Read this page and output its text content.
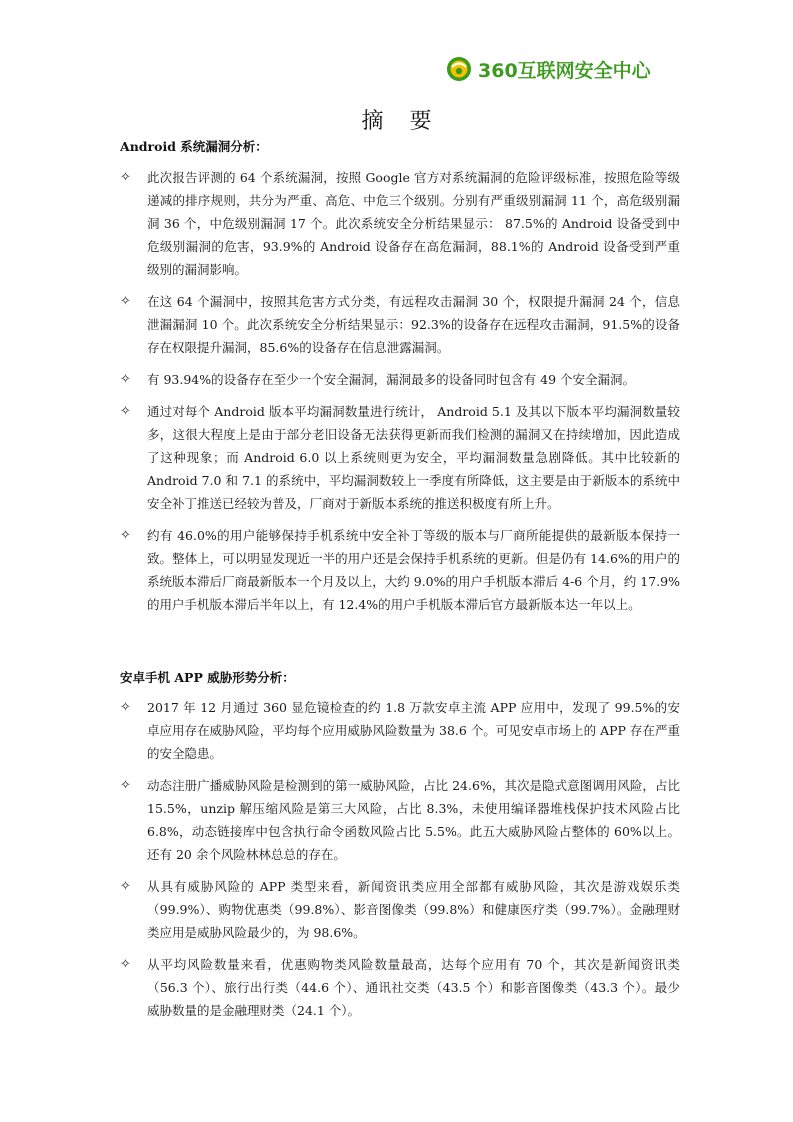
360互联网安全中心
摘要
Android 系统漏洞分析：
✧ 此次报告评测的 64 个系统漏洞，按照 Google 官方对系统漏洞的危险评级标准，按照危险等级递减的排序规则，共分为严重、高危、中危三个级别。分别有严重级别漏洞 11 个，高危级别漏洞 36 个，中危级别漏洞 17 个。此次系统安全分析结果显示： 87.5%的 Android 设备受到中危级别漏洞的危害，93.9%的 Android 设备存在高危漏洞，88.1%的 Android 设备受到严重级别的漏洞影响。
✧ 在这 64 个漏洞中，按照其危害方式分类，有远程攻击漏洞 30 个，权限提升漏洞 24 个，信息泄漏漏洞 10 个。此次系统安全分析结果显示：92.3%的设备存在远程攻击漏洞，91.5%的设备存在权限提升漏洞，85.6%的设备存在信息泄露漏洞。
✧ 有 93.94%的设备存在至少一个安全漏洞，漏洞最多的设备同时包含有 49 个安全漏洞。
✧ 通过对每个 Android 版本平均漏洞数量进行统计， Android 5.1 及其以下版本平均漏洞数量较多，这很大程度上是由于部分老旧设备无法获得更新而我们检测的漏洞又在持续增加，因此造成了这种现象；而 Android 6.0 以上系统则更为安全，平均漏洞数量急剧降低。其中比较新的 Android 7.0 和 7.1 的系统中，平均漏洞数较上一季度有所降低，这主要是由于新版本的系统中安全补丁推送已经较为普及，厂商对于新版本系统的推送积极度有所上升。
✧ 约有 46.0%的用户能够保持手机系统中安全补丁等级的版本与厂商所能提供的最新版本保持一致。整体上，可以明显发现近一半的用户还是会保持手机系统的更新。但是仍有 14.6%的用户的系统版本滞后厂商最新版本一个月及以上，大约 9.0%的用户手机版本滞后 4-6 个月，约 17.9%的用户手机版本滞后半年以上，有 12.4%的用户手机版本滞后官方最新版本达一年以上。
安卓手机 APP 威胁形势分析：
✧ 2017 年 12 月通过 360 显危镜检查的约 1.8 万款安卓主流 APP 应用中，发现了 99.5%的安卓应用存在威胁风险，平均每个应用威胁风险数量为 38.6 个。可见安卓市场上的 APP 存在严重的安全隐患。
✧ 动态注册广播威胁风险是检测到的第一威胁风险，占比 24.6%，其次是隐式意图调用风险，占比 15.5%，unzip 解压缩风险是第三大风险，占比 8.3%，未使用编译器堆栈保护技术风险占比 6.8%，动态链接库中包含执行命令函数风险占比 5.5%。此五大威胁风险占整体的 60%以上。还有 20 余个风险林林总总的存在。
✧ 从具有威胁风险的 APP 类型来看，新闻资讯类应用全部都有威胁风险，其次是游戏娱乐类（99.9%）、购物优惠类（99.8%）、影音图像类（99.8%）和健康医疗类（99.7%）。金融理财类应用是威胁风险最少的，为 98.6%。
✧ 从平均风险数量来看，优惠购物类风险数量最高，达每个应用有 70 个，其次是新闻资讯类（56.3 个）、旅行出行类（44.6 个）、通讯社交类（43.5 个）和影音图像类（43.3 个）。最少威胁数量的是金融理财类（24.1 个）。
